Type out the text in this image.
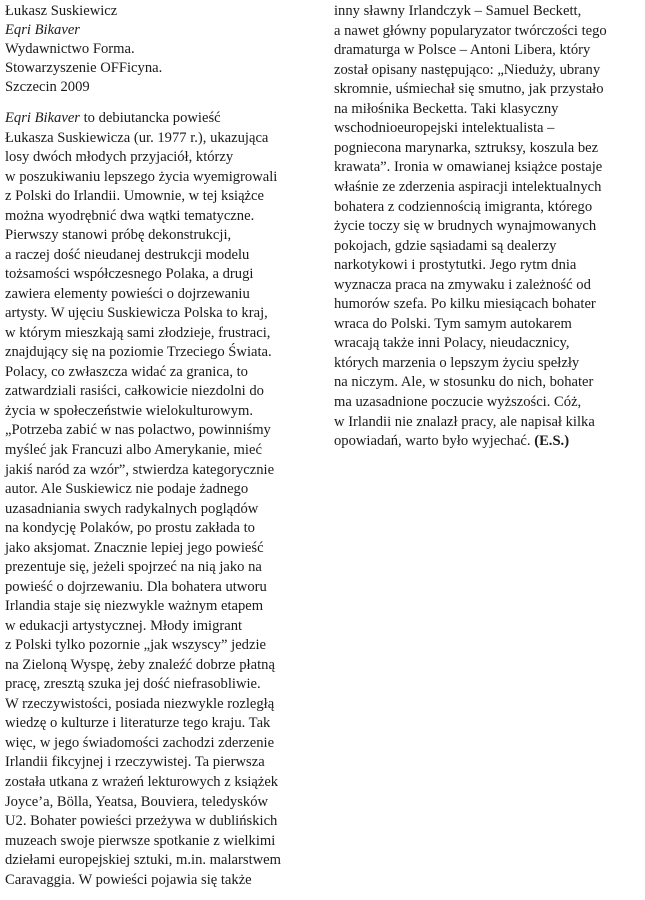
Łukasz Suskiewicz
Eqri Bikaver
Wydawnictwo Forma.
Stowarzyszenie OFFicyna.
Szczecin 2009
Eqri Bikaver to debiutancka powieść
Łukasza Suskiewicza (ur. 1977 r.), ukazująca
losy dwóch młodych przyjaciół, którzy
w poszukiwaniu lepszego życia wyemigrowali
z Polski do Irlandii. Umownie, w tej książce
można wyodrębnić dwa wątki tematyczne.
Pierwszy stanowi próbę dekonstrukcji,
a raczej dość nieudanej destrukcji modelu
tożsamości współczesnego Polaka, a drugi
zawiera elementy powieści o dojrzewaniu
artysty. W ujęciu Suskiewicza Polska to kraj,
w którym mieszkają sami złodzieje, frustraci,
znajdujący się na poziomie Trzeciego Świata.
Polacy, co zwłaszcza widać za granica, to
zatwardziali rasiści, całkowicie niezdolni do
życia w społeczeństwie wielokulturowym.
„Potrzeba zabić w nas polactwo, powinniśmy
myśleć jak Francuzi albo Amerykanie, mieć
jakiś naród za wzór”, stwierdza kategorycznie
autor. Ale Suskiewicz nie podaje żadnego
uzasadniania swych radykalnych poglądów
na kondycję Polaków, po prostu zakłada to
jako aksjomat. Znacznie lepiej jego powieść
prezentuje się, jeżeli spojrzeć na nią jako na
powieść o dojrzewaniu. Dla bohatera utworu
Irlandia staje się niezwykle ważnym etapem
w edukacji artystycznej. Młody imigrant
z Polski tylko pozornie „jak wszyscy” jedzie
na Zieloną Wyspę, żeby znaleźć dobrze płatną
pracę, zresztą szuka jej dość niefrasobliwie.
W rzeczywistości, posiada niezwykle rozległą
wiedzę o kulturze i literaturze tego kraju. Tak
więc, w jego świadomości zachodzi zderzenie
Irlandii fikcyjnej i rzeczywistej. Ta pierwsza
została utkana z wrażeń lekturowych z książek
Joyce’a, Bölla, Yeatsa, Bouviera, teledysków
U2. Bohater powieści przeżywa w dublińskich
muzeach swoje pierwsze spotkanie z wielkimi
dziełami europejskiej sztuki, m.in. malarstwem
Caravaggia. W powieści pojawia się także
inny sławny Irlandczyk – Samuel Beckett,
a nawet główny popularyzator twórczości tego
dramaturga w Polsce – Antoni Libera, który
został opisany następująco: „Nieduży, ubrany
skromnie, uśmiechał się smutno, jak przystało
na miłośnika Becketta. Taki klasyczny
wschodnioeuropejski intelektualista –
pogniecona marynarka, sztruksy, koszula bez
krawata”. Ironia w omawianej książce postaje
właśnie ze zderzenia aspiracji intelektualnych
bohatera z codziennością imigranta, którego
życie toczy się w brudnych wynajmowanych
pokojach, gdzie sąsiadami są dealerzy
narkotykowi i prostytutki. Jego rytm dnia
wyznacza praca na zmywaku i zależność od
humorów szefa. Po kilku miesiącach bohater
wraca do Polski. Tym samym autokarem
wracają także inni Polacy, nieudacznicy,
których marzenia o lepszym życiu spełzły
na niczym. Ale, w stosunku do nich, bohater
ma uzasadnione poczucie wyższości. Cóż,
w Irlandii nie znalazł pracy, ale napisał kilka
opowiadań, warto było wyjechać. (E.S.)
